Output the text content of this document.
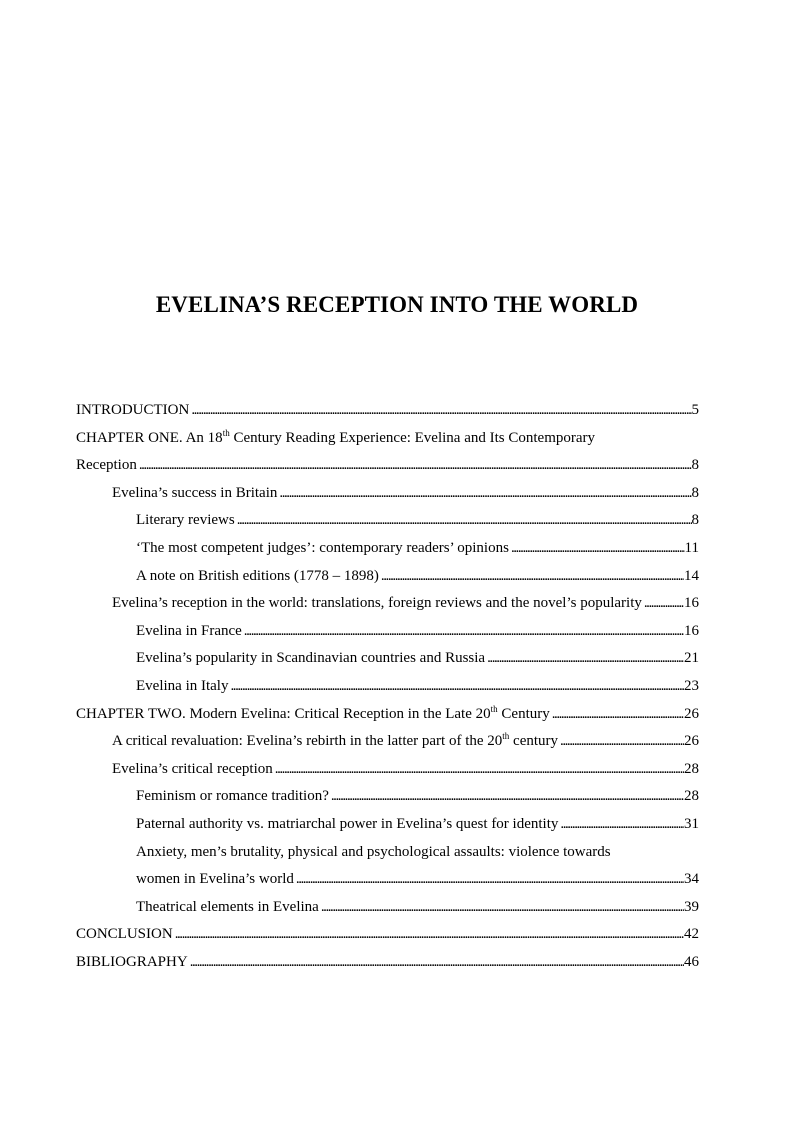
EVELINA’S RECEPTION INTO THE WORLD
INTRODUCTION . . .	5
CHAPTER ONE. An 18th Century Reading Experience: Evelina and Its Contemporary
Reception . . .	8
Evelina’s success in Britain . . .	8
Literary reviews . . .	8
‘The most competent judges’: contemporary readers’ opinions . . .	11
A note on British editions (1778 – 1898) . . .	14
Evelina’s reception in the world: translations, foreign reviews and the novel’s popularity . . .	16
Evelina in France . . .	16
Evelina’s popularity in Scandinavian countries and Russia . . .	21
Evelina in Italy . . .	23
CHAPTER TWO. Modern Evelina: Critical Reception in the Late 20th Century . . .	26
A critical revaluation: Evelina’s rebirth in the latter part of the 20th century . . .	26
Evelina’s critical reception . . .	28
Feminism or romance tradition? . . .	28
Paternal authority vs. matriarchal power in Evelina’s quest for identity . . .	31
Anxiety, men’s brutality, physical and psychological assaults: violence towards
women in Evelina’s world . . .	34
Theatrical elements in Evelina . . .	39
CONCLUSION . . .	42
BIBLIOGRAPHY . . .	46
